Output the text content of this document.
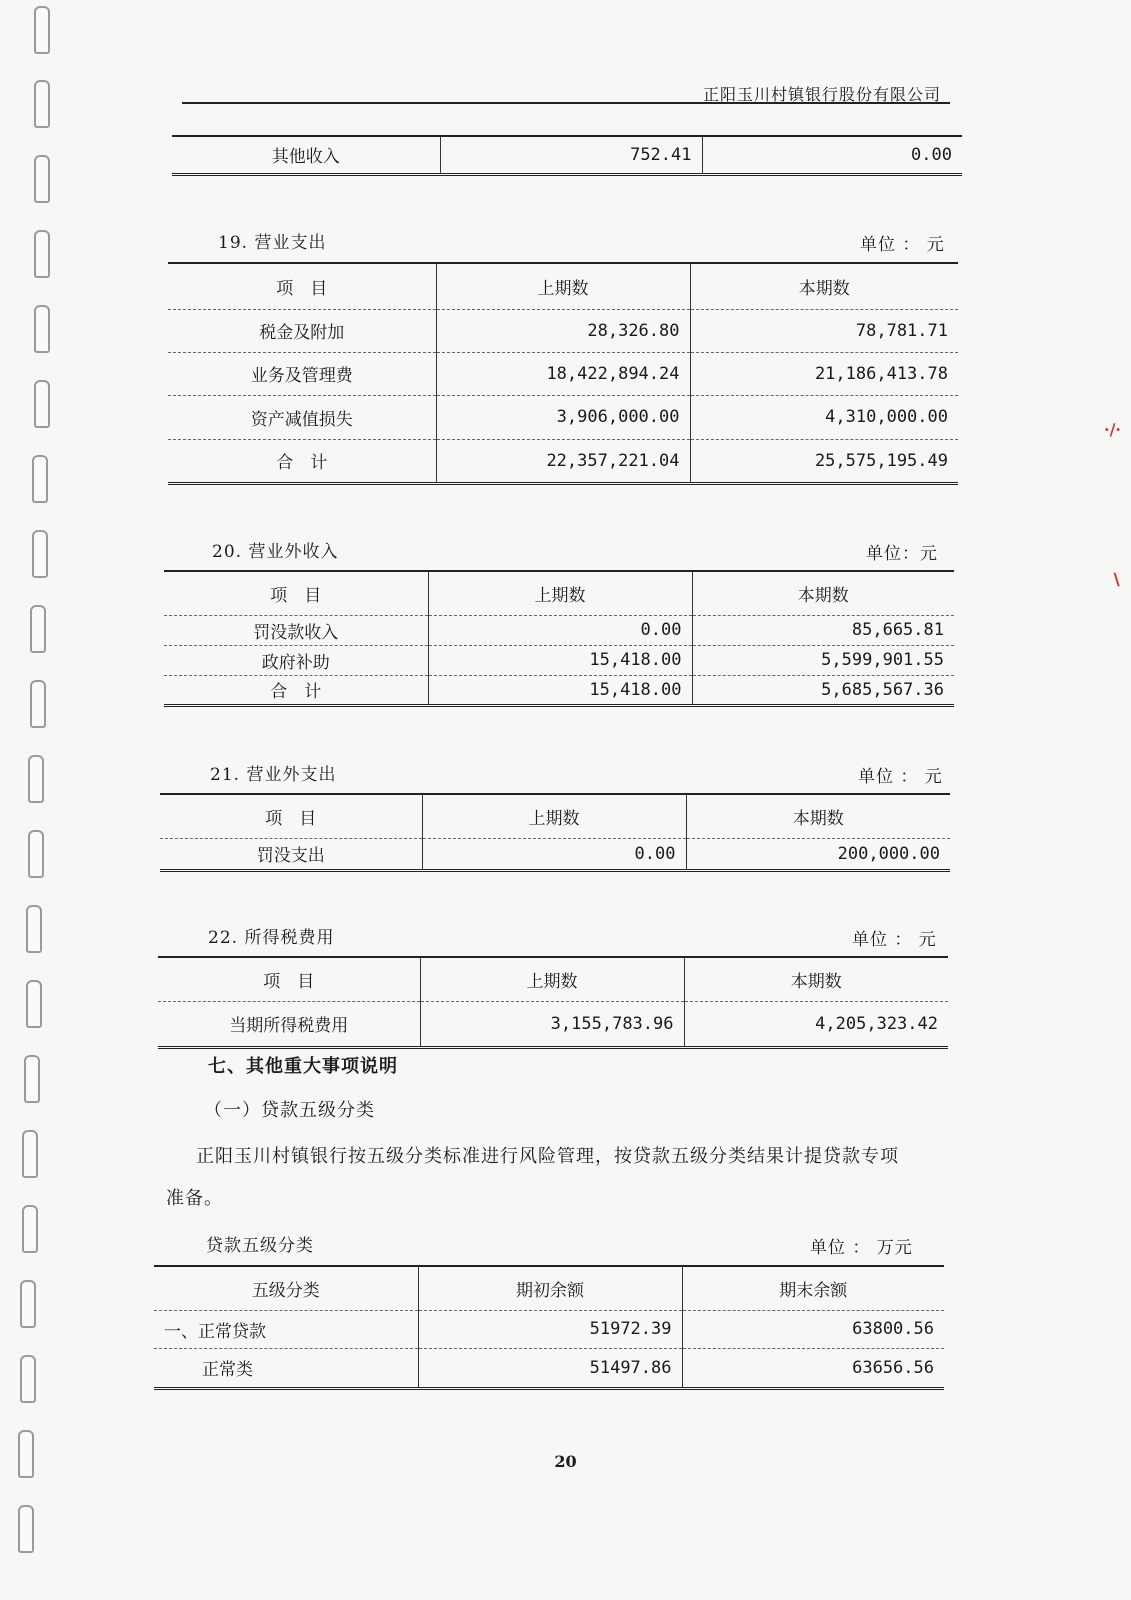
·∕·
∖
正阳玉川村镇银行股份有限公司
其他收入	752.41	0.00
19. 营业支出	单位 ： 元
项　目	上期数	本期数
税金及附加	28,326.80	78,781.71
业务及管理费	18,422,894.24	21,186,413.78
资产减值损失	3,906,000.00	4,310,000.00
合　计	22,357,221.04	25,575,195.49
20. 营业外收入	单位：元
项　目	上期数	本期数
罚没款收入	0.00	85,665.81
政府补助	15,418.00	5,599,901.55
合　计	15,418.00	5,685,567.36
21. 营业外支出	单位 ： 元
项　目	上期数	本期数
罚没支出	0.00	200,000.00
22. 所得税费用	单位 ： 元
项　目	上期数	本期数
当期所得税费用	3,155,783.96	4,205,323.42
七、其他重大事项说明
（一）贷款五级分类
正阳玉川村镇银行按五级分类标准进行风险管理，按贷款五级分类结果计提贷款专项
准备。
贷款五级分类	单位 ： 万元
五级分类	期初余额	期末余额
一、正常贷款	51972.39	63800.56
正常类	51497.86	63656.56
20
